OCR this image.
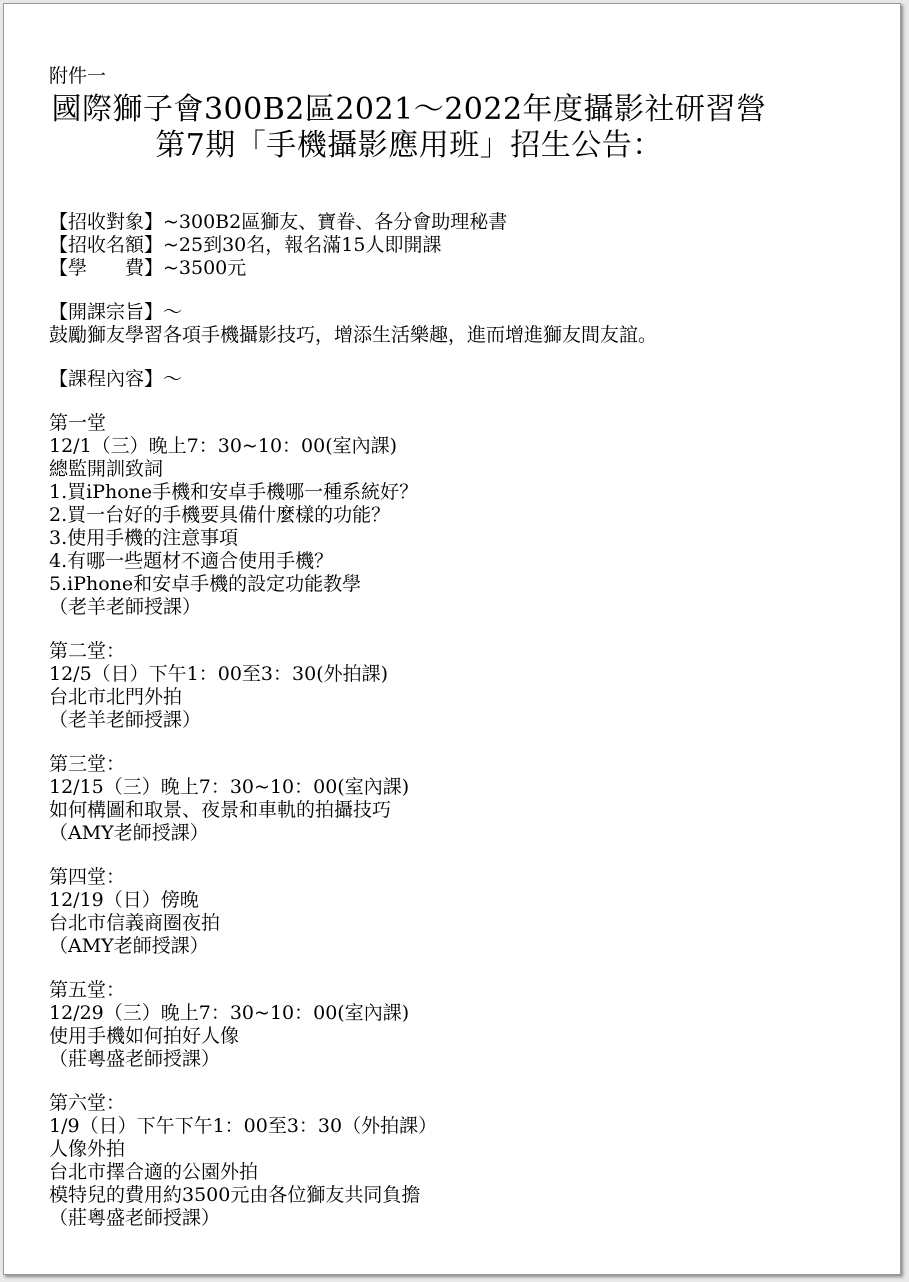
附件一
國際獅子會300B2區2021～2022年度攝影社研習營
第7期「手機攝影應用班」招生公告：
【招收對象】~300B2區獅友、寶眷、各分會助理秘書
【招收名額】~25到30名，報名滿15人即開課
【學　　費】~3500元
【開課宗旨】～
鼓勵獅友學習各項手機攝影技巧，增添生活樂趣，進而增進獅友間友誼。
【課程內容】～
第一堂
12/1（三）晚上7：30~10：00(室內課)
總監開訓致詞
1.買iPhone手機和安卓手機哪一種系統好？
2.買一台好的手機要具備什麼樣的功能？
3.使用手機的注意事項
4.有哪一些題材不適合使用手機？
5.iPhone和安卓手機的設定功能教學
（老羊老師授課）
第二堂：
12/5（日）下午1：00至3：30(外拍課)
台北市北門外拍
（老羊老師授課）
第三堂：
12/15（三）晚上7：30~10：00(室內課)
如何構圖和取景、夜景和車軌的拍攝技巧
（AMY老師授課）
第四堂：
12/19（日）傍晚
台北市信義商圈夜拍
（AMY老師授課）
第五堂：
12/29（三）晚上7：30~10：00(室內課)
使用手機如何拍好人像
（莊粵盛老師授課）
第六堂：
1/9（日）下午下午1：00至3：30（外拍課）
人像外拍
台北市擇合適的公園外拍
模特兒的費用約3500元由各位獅友共同負擔
（莊粵盛老師授課）
